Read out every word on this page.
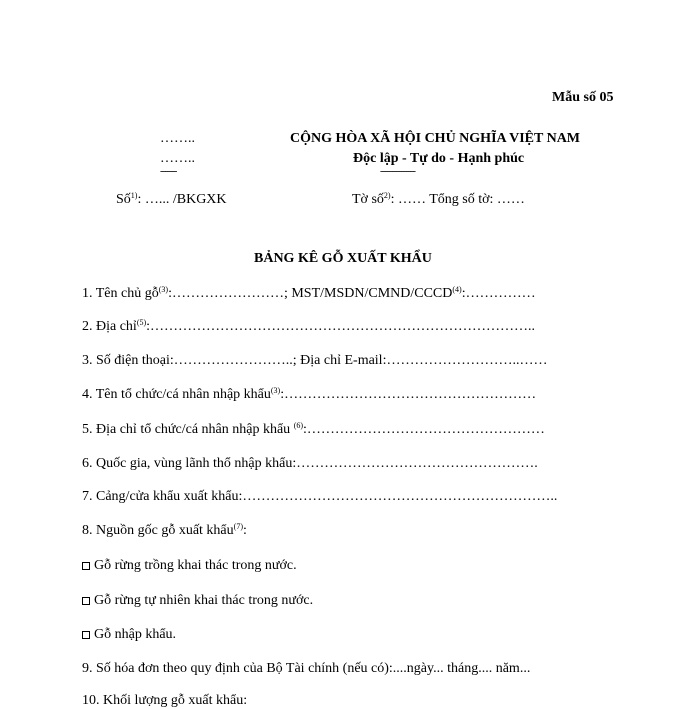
Mẫu số 05
……..
……..
-------
Số$^{1)}$: …... /BKGXK
CỘNG HÒA XÃ HỘI CHỦ NGHĨA VIỆT NAM
Độc lập - Tự do - Hạnh phúc
---------------
Tờ số$^{2)}$: …… Tổng số tờ: ……
BẢNG KÊ GỖ XUẤT KHẨU
1. Tên chủ gỗ$^{(3)}$:……………………; MST/MSDN/CMND/CCCD$^{(4)}$:……………
2. Địa chỉ$^{(5)}$:………………………………………………………………………..
3. Số điện thoại:……………………..; Địa chỉ E-mail:………………………..……
4. Tên tổ chức/cá nhân nhập khẩu$^{(3)}$:………………………………………………
5. Địa chỉ tổ chức/cá nhân nhập khẩu $^{(6)}$:……………………………………………
6. Quốc gia, vùng lãnh thổ nhập khẩu:…………………………………………….
7. Cảng/cửa khẩu xuất khẩu:…………………………………………………………..
8. Nguồn gốc gỗ xuất khẩu$^{(7)}$:
Gỗ rừng trồng khai thác trong nước.
Gỗ rừng tự nhiên khai thác trong nước.
Gỗ nhập khẩu.
9. Số hóa đơn theo quy định của Bộ Tài chính (nếu có):....ngày... tháng.... năm...
10. Khối lượng gỗ xuất khẩu:
